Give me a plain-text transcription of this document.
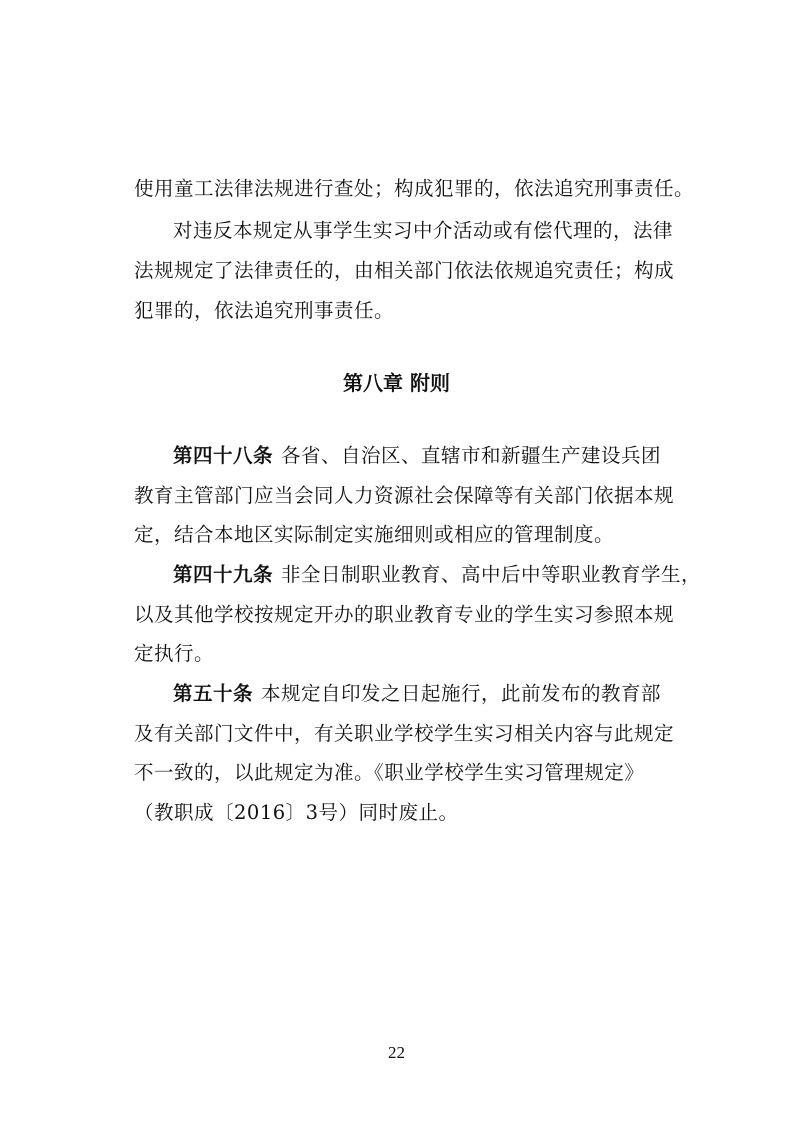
使用童工法律法规进行查处；构成犯罪的，依法追究刑事责任。
对违反本规定从事学生实习中介活动或有偿代理的，法律
法规规定了法律责任的，由相关部门依法依规追究责任；构成
犯罪的，依法追究刑事责任。
第八章 附则
第四十八条 各省、自治区、直辖市和新疆生产建设兵团
教育主管部门应当会同人力资源社会保障等有关部门依据本规
定，结合本地区实际制定实施细则或相应的管理制度。
第四十九条 非全日制职业教育、高中后中等职业教育学生，
以及其他学校按规定开办的职业教育专业的学生实习参照本规
定执行。
第五十条 本规定自印发之日起施行，此前发布的教育部
及有关部门文件中，有关职业学校学生实习相关内容与此规定
不一致的，以此规定为准。《职业学校学生实习管理规定》
（教职成〔2016〕3号）同时废止。
22
